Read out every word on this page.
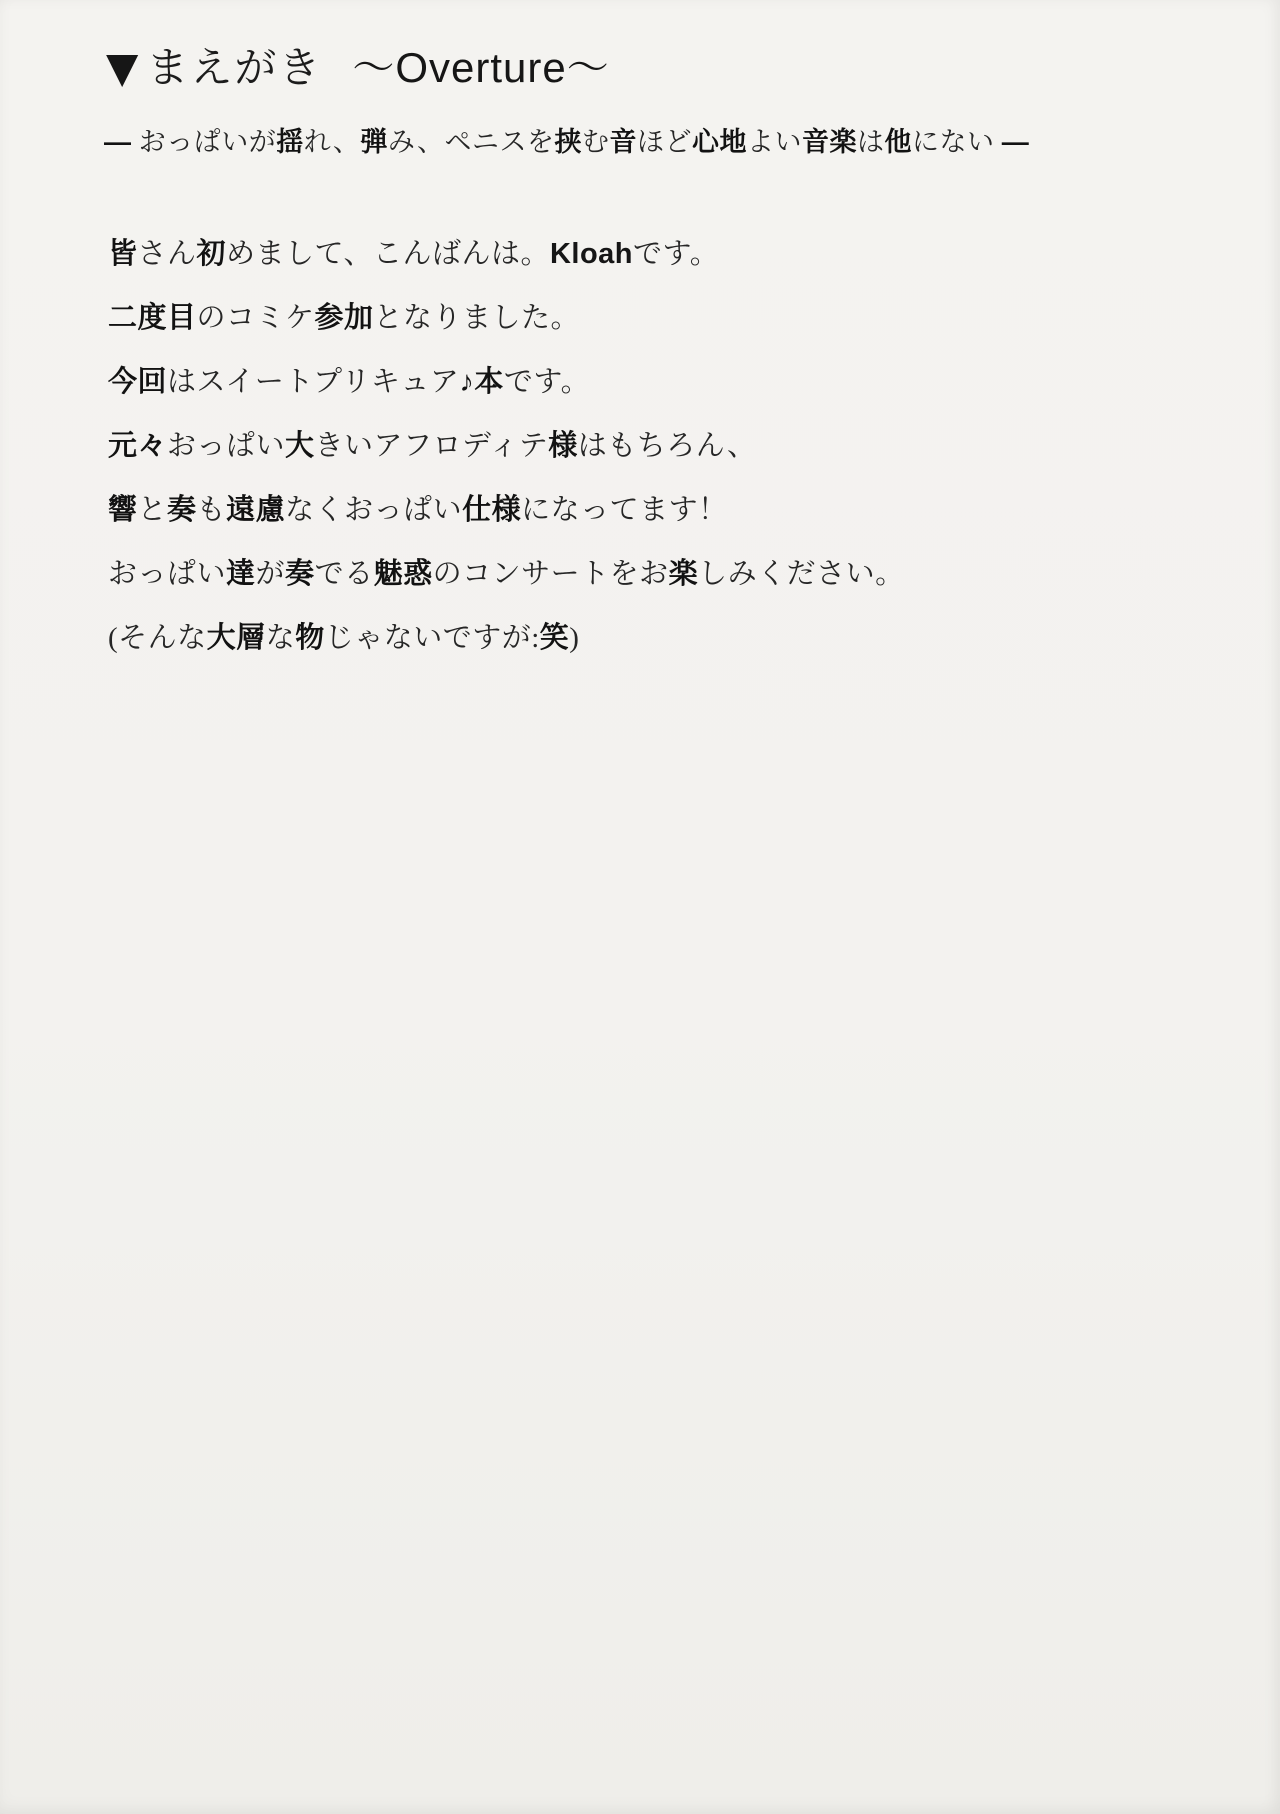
▼ まえがき ～Overture～
― おっぱいが揺れ、弾み、ペニスを挟む音ほど心地よい音楽は他にない ―
皆さん初めまして、こんばんは。Kloahです。
二度目のコミケ参加となりました。
今回はスイートプリキュア♪本です。
元々おっぱい大きいアフロディテ様はもちろん、
響と奏も遠慮なくおっぱい仕様になってます！
おっぱい達が奏でる魅惑のコンサートをお楽しみください。
(そんな大層な物じゃないですが:笑)
